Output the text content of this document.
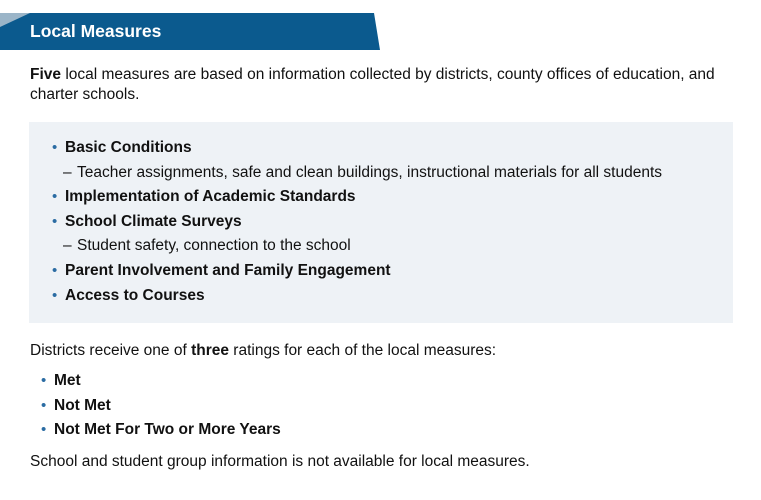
Local Measures
Five local measures are based on information collected by districts, county offices of education, and charter schools.
• Basic Conditions
– Teacher assignments, safe and clean buildings, instructional materials for all students
• Implementation of Academic Standards
• School Climate Surveys
– Student safety, connection to the school
• Parent Involvement and Family Engagement
• Access to Courses
Districts receive one of three ratings for each of the local measures:
• Met
• Not Met
• Not Met For Two or More Years
School and student group information is not available for local measures.
